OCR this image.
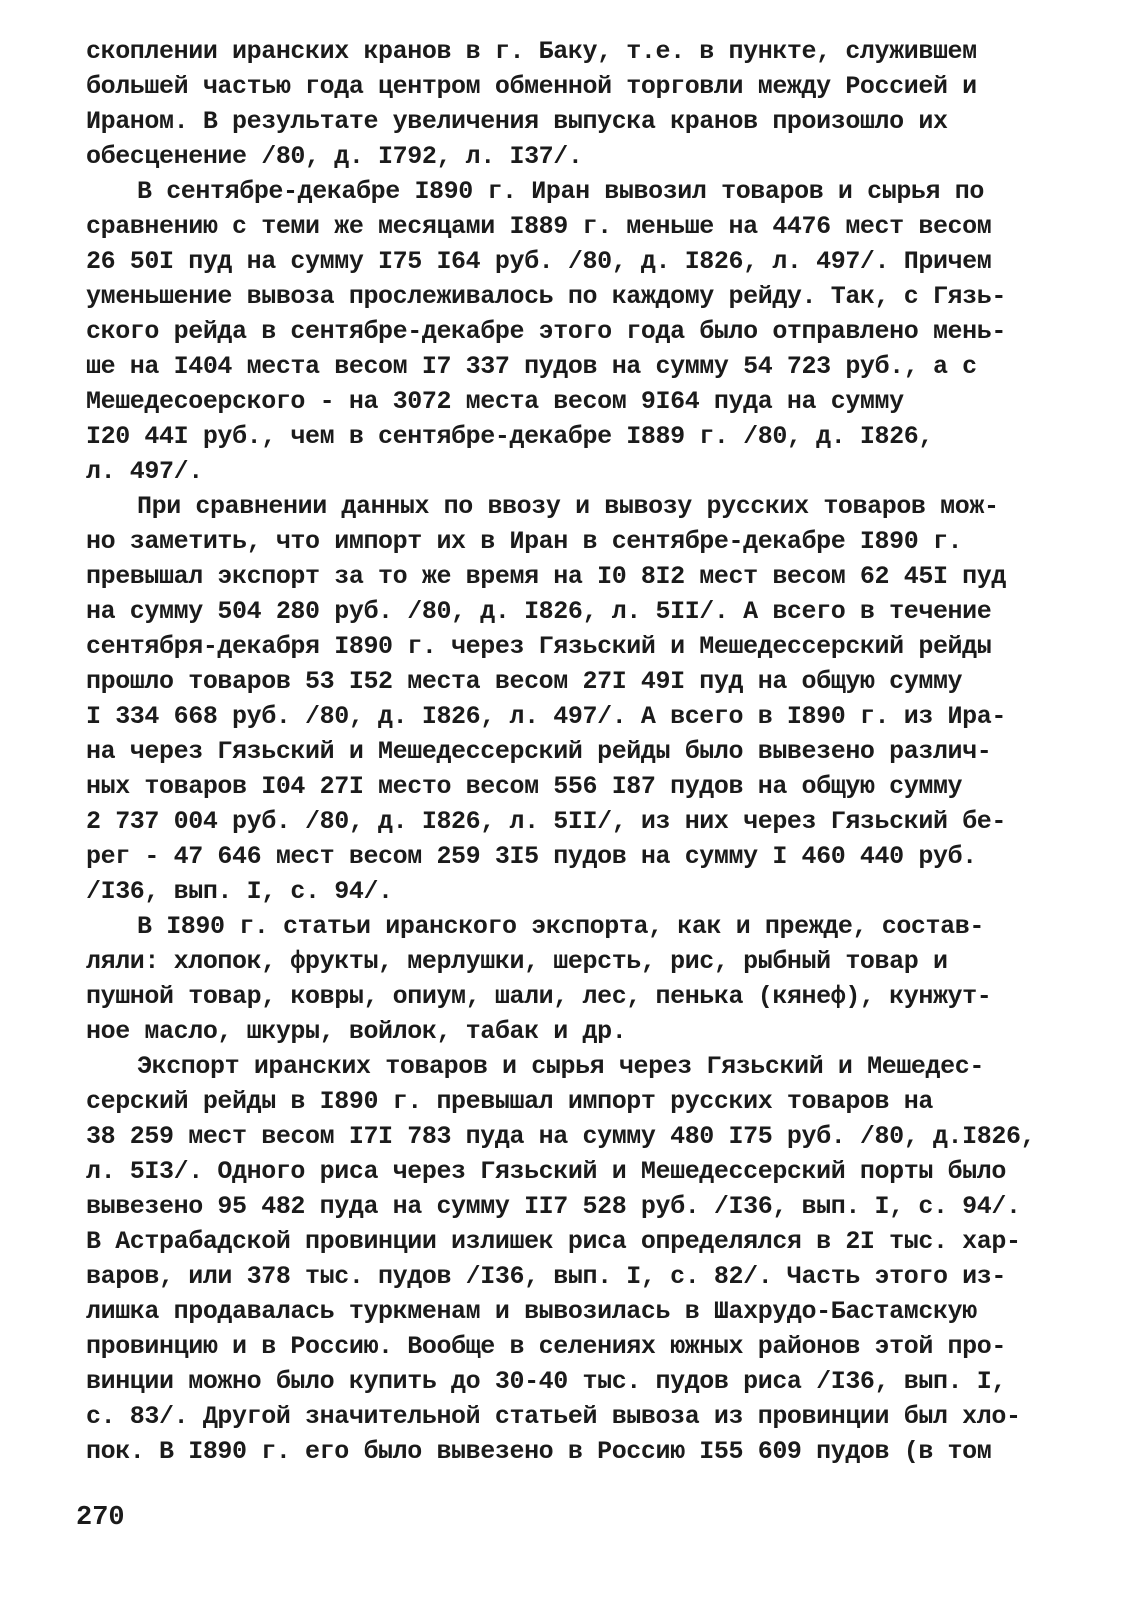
скоплении иранских кранов в г. Баку, т.е. в пункте, служившем
большей частью года центром обменной торговли между Россией и
Ираном. В результате увеличения выпуска кранов произошло их
обесценение /80, д. I792, л. I37/.
В сентябре-декабре I890 г. Иран вывозил товаров и сырья по
сравнению с теми же месяцами I889 г. меньше на 4476 мест весом
26 50I пуд на сумму I75 I64 руб. /80, д. I826, л. 497/. Причем
уменьшение вывоза прослеживалось по каждому рейду. Так, с Гязь-
ского рейда в сентябре-декабре этого года было отправлено мень-
ше на I404 места весом I7 337 пудов на сумму 54 723 руб., а с
Мешедесоерского - на 3072 места весом 9I64 пуда на сумму
I20 44I руб., чем в сентябре-декабре I889 г. /80, д. I826,
л. 497/.
При сравнении данных по ввозу и вывозу русских товаров мож-
но заметить, что импорт их в Иран в сентябре-декабре I890 г.
превышал экспорт за то же время на I0 8I2 мест весом 62 45I пуд
на сумму 504 280 руб. /80, д. I826, л. 5II/. А всего в течение
сентября-декабря I890 г. через Гязьский и Мешедессерский рейды
прошло товаров 53 I52 места весом 27I 49I пуд на общую сумму
I 334 668 руб. /80, д. I826, л. 497/. А всего в I890 г. из Ира-
на через Гязьский и Мешедессерский рейды было вывезено различ-
ных товаров I04 27I место весом 556 I87 пудов на общую сумму
2 737 004 руб. /80, д. I826, л. 5II/, из них через Гязьский бе-
рег - 47 646 мест весом 259 3I5 пудов на сумму I 460 440 руб.
/I36, вып. I, с. 94/.
В I890 г. статьи иранского экспорта, как и прежде, состав-
ляли: хлопок, фрукты, мерлушки, шерсть, рис, рыбный товар и
пушной товар, ковры, опиум, шали, лес, пенька (кянеф), кунжут-
ное масло, шкуры, войлок, табак и др.
Экспорт иранских товаров и сырья через Гязьский и Мешедес-
серский рейды в I890 г. превышал импорт русских товаров на
38 259 мест весом I7I 783 пуда на сумму 480 I75 руб. /80, д.I826,
л. 5I3/. Одного риса через Гязьский и Мешедессерский порты было
вывезено 95 482 пуда на сумму II7 528 руб. /I36, вып. I, с. 94/.
В Астрабадской провинции излишек риса определялся в 2I тыс. хар-
варов, или 378 тыс. пудов /I36, вып. I, с. 82/. Часть этого из-
лишка продавалась туркменам и вывозилась в Шахрудо-Бастамскую
провинцию и в Россию. Вообще в селениях южных районов этой про-
винции можно было купить до 30-40 тыс. пудов риса /I36, вып. I,
с. 83/. Другой значительной статьей вывоза из провинции был хло-
пок. В I890 г. его было вывезено в Россию I55 609 пудов (в том
270
